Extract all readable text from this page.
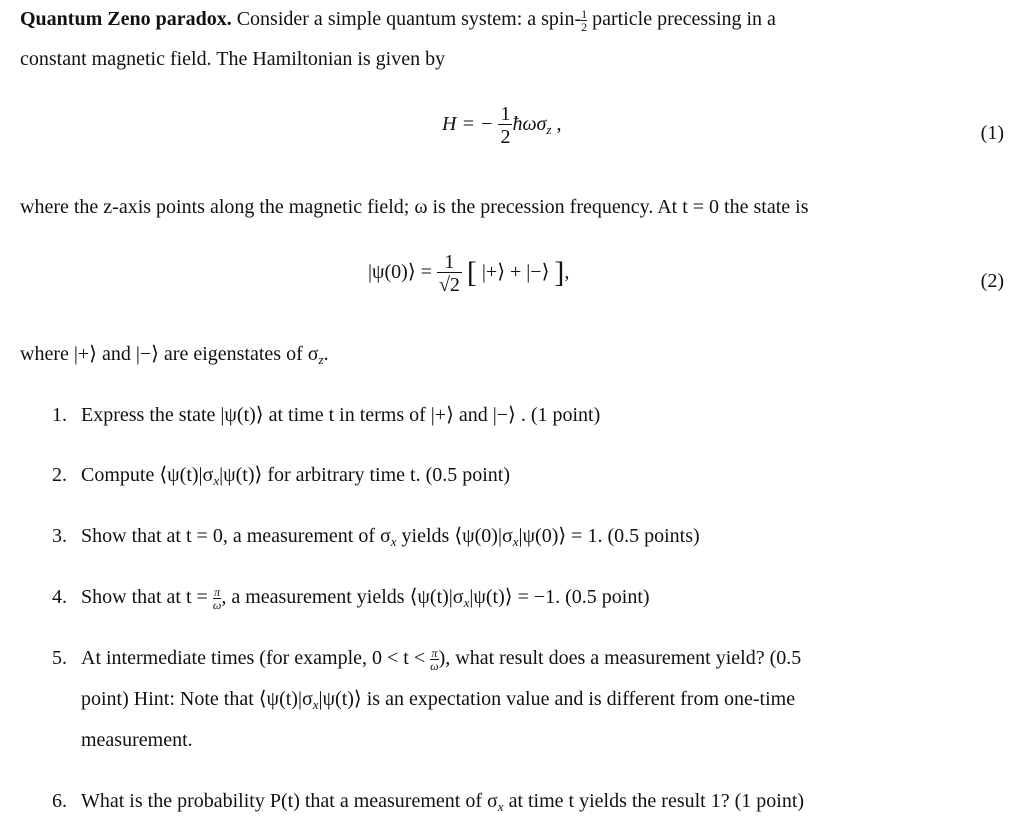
Quantum Zeno paradox. Consider a simple quantum system: a spin- $\frac{1}{2}$ particle precessing in a
constant magnetic field. The Hamiltonian is given by
H = − $\frac{1}{2}$ ħωσ$_z$ ,	(1)
where the z-axis points along the magnetic field; ω is the precession frequency. At t = 0 the state is
|ψ(0)⟩ = $\frac{1}{√2}$ [ |+⟩ + |−⟩ ],	(2)
where |+⟩ and |−⟩ are eigenstates of $\sigma_z$.
1. Express the state |ψ(t)⟩ at time t in terms of |+⟩ and |−⟩ . (1 point)
2. Compute $⟨\psi(t)|\sigma_x|\psi(t)⟩$ for arbitrary time t. (0.5 point)
3. Show that at t = 0, a measurement of $\sigma_x$ yields $⟨\psi(0)|\sigma_x|\psi(0)⟩ = 1$. (0.5 points)
4. Show that at $t = \frac{\pi}{\omega}$ , a measurement yields $⟨\psi(t)|\sigma_x|\psi(t)⟩ = -1$. (0.5 point)
5. At intermediate times (for example, $0 < t < \frac{\pi}{\omega}$ ), what result does a measurement yield? (0.5
point) Hint: Note that $⟨\psi(t)|\sigma_x|\psi(t)⟩$ is an expectation value and is different from one-time
measurement.
6. What is the probability P(t) that a measurement of $\sigma_x$ at time t yields the result 1? (1 point)
